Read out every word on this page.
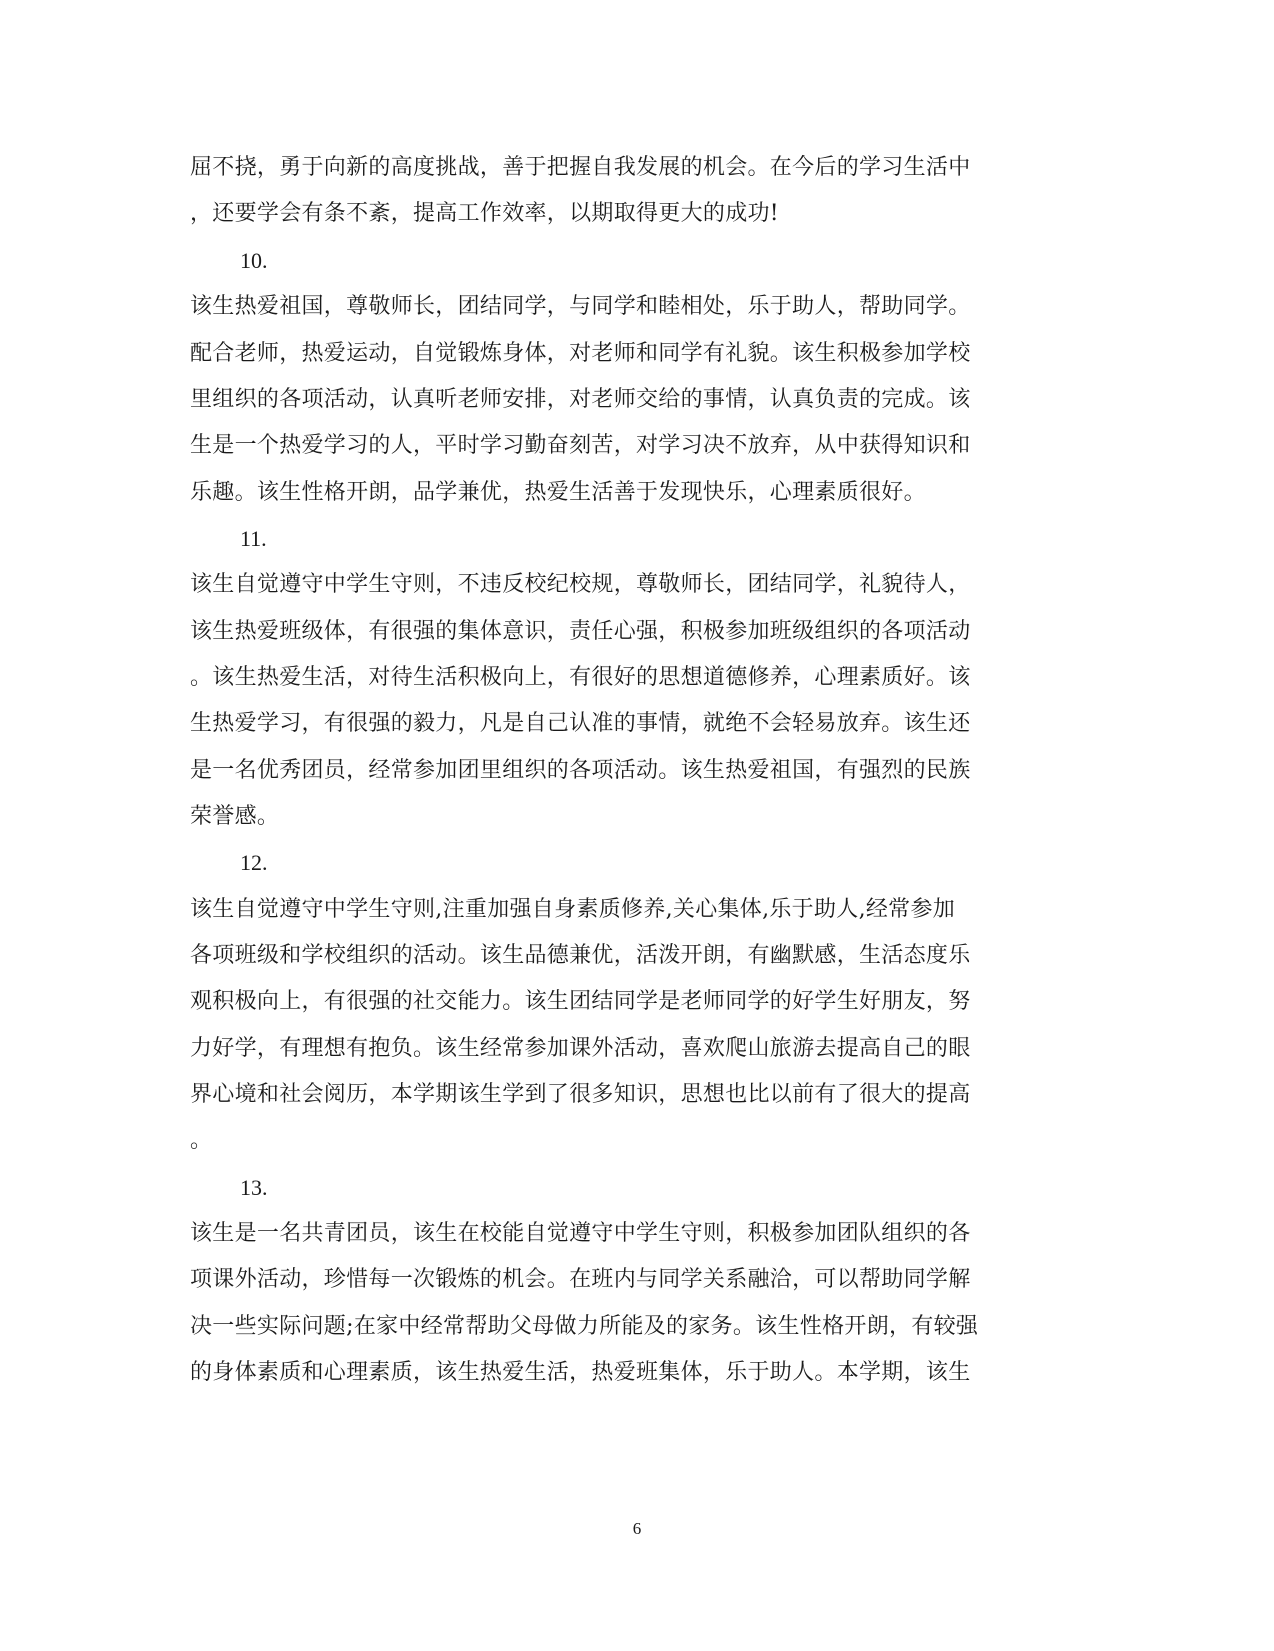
屈不挠，勇于向新的高度挑战，善于把握自我发展的机会。在今后的学习生活中
，还要学会有条不紊，提高工作效率，以期取得更大的成功!
10.
该生热爱祖国，尊敬师长，团结同学，与同学和睦相处，乐于助人，帮助同学。
配合老师，热爱运动，自觉锻炼身体，对老师和同学有礼貌。该生积极参加学校
里组织的各项活动，认真听老师安排，对老师交给的事情，认真负责的完成。该
生是一个热爱学习的人，平时学习勤奋刻苦，对学习决不放弃，从中获得知识和
乐趣。该生性格开朗，品学兼优，热爱生活善于发现快乐，心理素质很好。
11.
该生自觉遵守中学生守则，不违反校纪校规，尊敬师长，团结同学，礼貌待人，
该生热爱班级体，有很强的集体意识，责任心强，积极参加班级组织的各项活动
。该生热爱生活，对待生活积极向上，有很好的思想道德修养，心理素质好。该
生热爱学习，有很强的毅力，凡是自己认准的事情，就绝不会轻易放弃。该生还
是一名优秀团员，经常参加团里组织的各项活动。该生热爱祖国，有强烈的民族
荣誉感。
12.
该生自觉遵守中学生守则,注重加强自身素质修养,关心集体,乐于助人,经常参加
各项班级和学校组织的活动。该生品德兼优，活泼开朗，有幽默感，生活态度乐
观积极向上，有很强的社交能力。该生团结同学是老师同学的好学生好朋友，努
力好学，有理想有抱负。该生经常参加课外活动，喜欢爬山旅游去提高自己的眼
界心境和社会阅历，本学期该生学到了很多知识，思想也比以前有了很大的提高
。
13.
该生是一名共青团员，该生在校能自觉遵守中学生守则，积极参加团队组织的各
项课外活动，珍惜每一次锻炼的机会。在班内与同学关系融洽，可以帮助同学解
决一些实际问题;在家中经常帮助父母做力所能及的家务。该生性格开朗，有较强
的身体素质和心理素质，该生热爱生活，热爱班集体，乐于助人。本学期，该生
6
